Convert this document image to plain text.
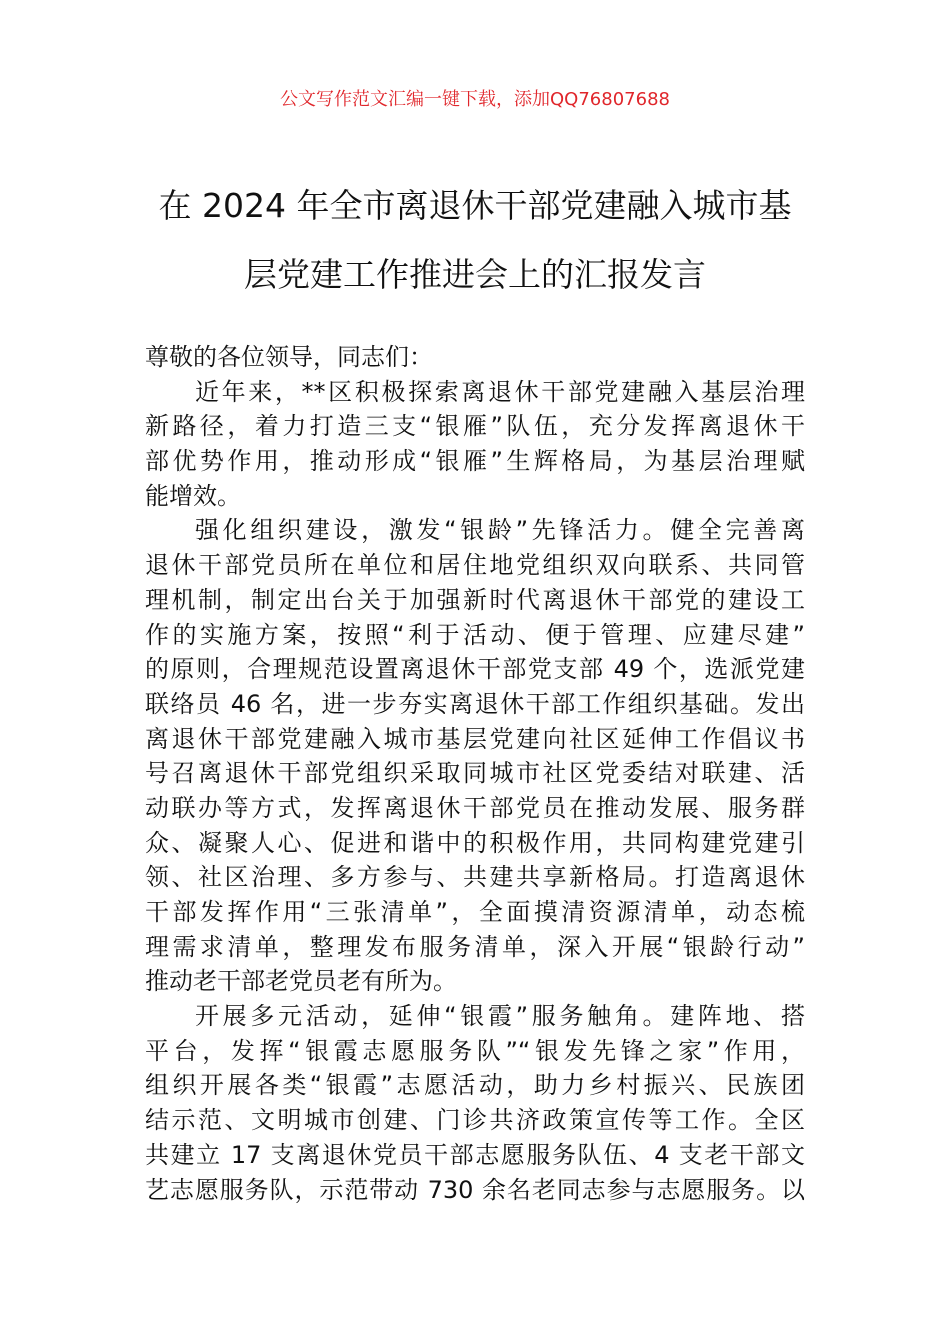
公文写作范文汇编一键下载，添加QQ76807688
在 2024 年全市离退休干部党建融入城市基
层党建工作推进会上的汇报发言
尊敬的各位领导，同志们：
近年来，**区积极探索离退休干部党建融入基层治理
新路径，着力打造三支“银雁”队伍，充分发挥离退休干
部优势作用，推动形成“银雁”生辉格局，为基层治理赋
能增效。
强化组织建设，激发“银龄”先锋活力。健全完善离
退休干部党员所在单位和居住地党组织双向联系、共同管
理机制，制定出台关于加强新时代离退休干部党的建设工
作的实施方案，按照“利于活动、便于管理、应建尽建”
的原则，合理规范设置离退休干部党支部 49 个，选派党建
联络员 46 名，进一步夯实离退休干部工作组织基础。发出
离退休干部党建融入城市基层党建向社区延伸工作倡议书
号召离退休干部党组织采取同城市社区党委结对联建、活
动联办等方式，发挥离退休干部党员在推动发展、服务群
众、凝聚人心、促进和谐中的积极作用，共同构建党建引
领、社区治理、多方参与、共建共享新格局。打造离退休
干部发挥作用“三张清单”，全面摸清资源清单，动态梳
理需求清单，整理发布服务清单，深入开展“银龄行动”
推动老干部老党员老有所为。
开展多元活动，延伸“银霞”服务触角。建阵地、搭
平台，发挥“银霞志愿服务队”“银发先锋之家”作用，
组织开展各类“银霞”志愿活动，助力乡村振兴、民族团
结示范、文明城市创建、门诊共济政策宣传等工作。全区
共建立 17 支离退休党员干部志愿服务队伍、4 支老干部文
艺志愿服务队，示范带动 730 余名老同志参与志愿服务。以
